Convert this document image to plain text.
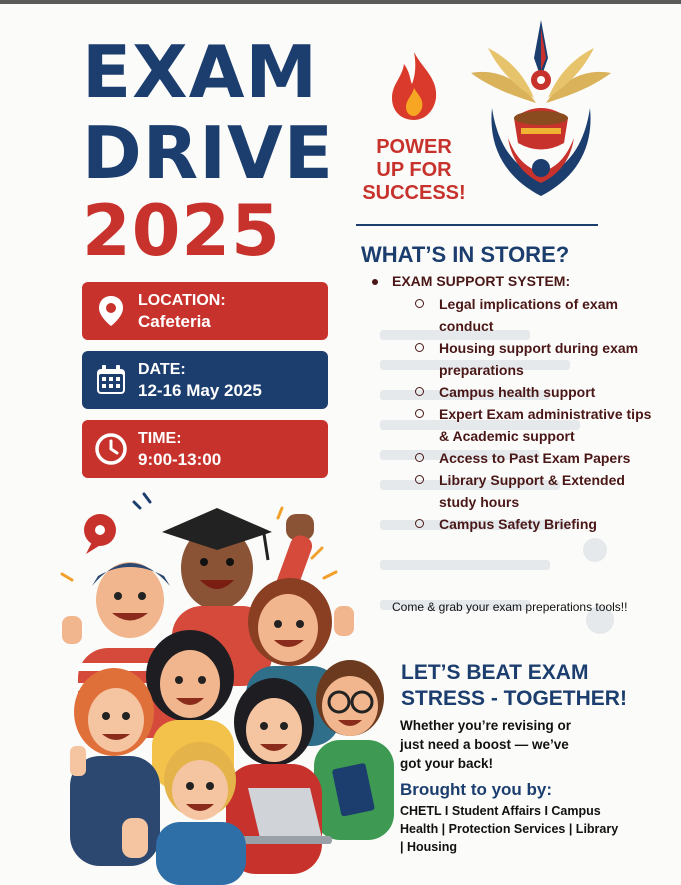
EXAM
DRIVE
2025
POWER
UP FOR
SUCCESS!
LOCATION:
Cafeteria
DATE:
12-16 May 2025
TIME:
9:00-13:00
WHAT’S IN STORE?
EXAM SUPPORT SYSTEM:
Legal implications of exam conduct
Housing support during exam preparations
Campus health support
Expert Exam administrative tips & Academic support
Access to Past Exam Papers
Library Support & Extended study hours
Campus Safety Briefing
Come & grab your exam preperations tools!!
LET’S BEAT EXAM
STRESS - TOGETHER!
Whether you’re revising or
just need a boost — we’ve
got your back!
Brought to you by:
CHETL I Student Affairs I Campus
Health | Protection Services | Library
| Housing
